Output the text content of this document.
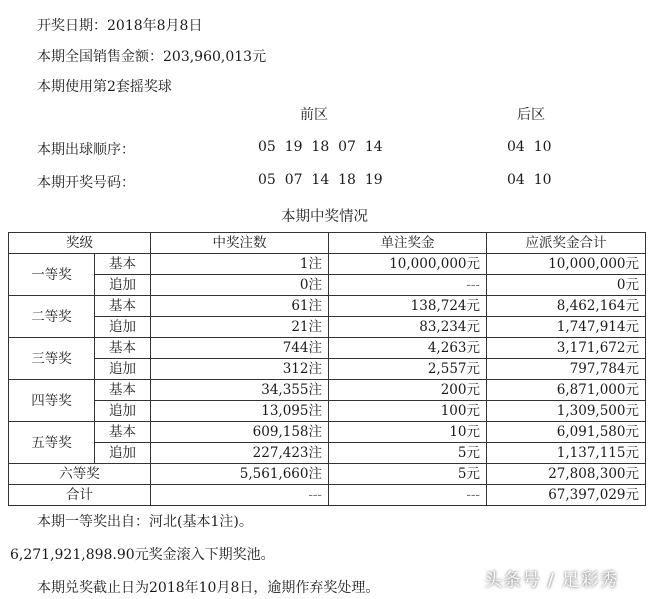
开奖日期：2018年8月8日
本期全国销售金额：203,960,013元
本期使用第2套摇奖球
前区	后区
本期出球顺序：	05  19  18  07  14	04  10
本期开奖号码：	05  07  14  18  19	04  10
本期中奖情况
奖级		中奖注数	单注奖金	应派奖金合计
一等奖	基本	1注	10,000,000元	10,000,000元
	追加	0注	---	0元
二等奖	基本	61注	138,724元	8,462,164元
	追加	21注	83,234元	1,747,914元
三等奖	基本	744注	4,263元	3,171,672元
	追加	312注	2,557元	797,784元
四等奖	基本	34,355注	200元	6,871,000元
	追加	13,095注	100元	1,309,500元
五等奖	基本	609,158注	10元	6,091,580元
	追加	227,423注	5元	1,137,115元
六等奖		5,561,660注	5元	27,808,300元
合计		---	---	67,397,029元
本期一等奖出自：河北(基本1注)。
6,271,921,898.90元奖金滚入下期奖池。
本期兑奖截止日为2018年10月8日，逾期作弃奖处理。	头条号 / 足彩秀
